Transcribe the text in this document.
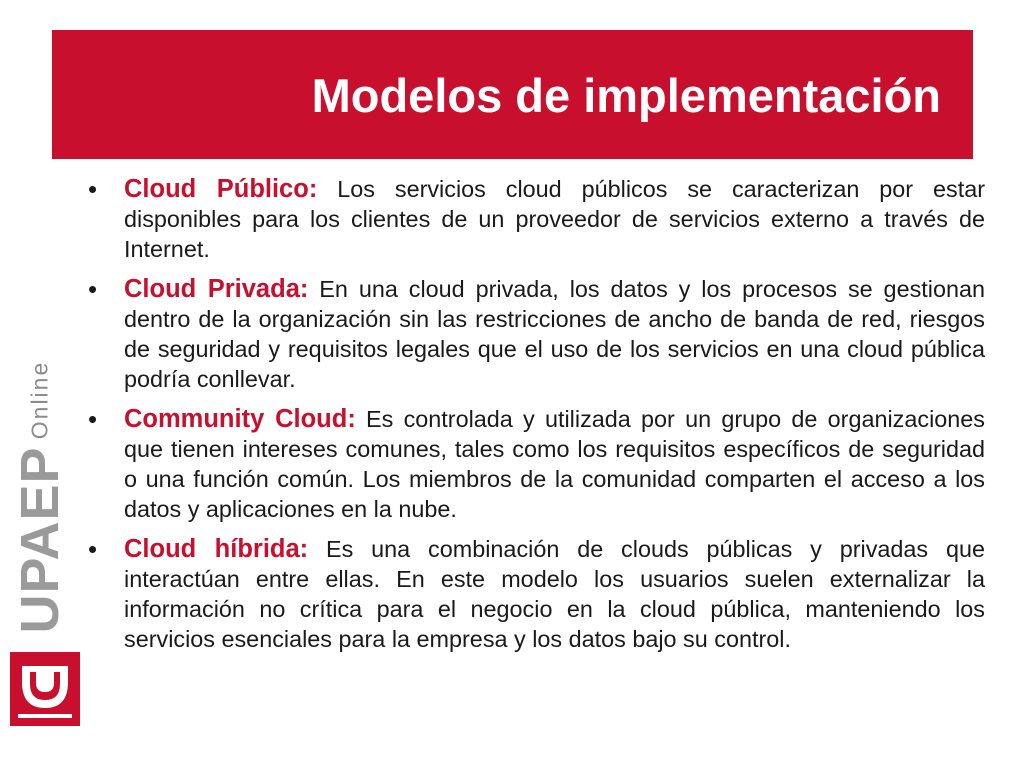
Modelos de implementación
• Cloud Público: Los servicios cloud públicos se caracterizan por estar disponibles para los clientes de un proveedor de servicios externo a través de Internet.
• Cloud Privada: En una cloud privada, los datos y los procesos se gestionan dentro de la organización sin las restricciones de ancho de banda de red, riesgos de seguridad y requisitos legales que el uso de los servicios en una cloud pública podría conllevar.
• Community Cloud: Es controlada y utilizada por un grupo de organizaciones que tienen intereses comunes, tales como los requisitos específicos de seguridad o una función común. Los miembros de la comunidad comparten el acceso a los datos y aplicaciones en la nube.
• Cloud híbrida: Es una combinación de clouds públicas y privadas que interactúan entre ellas. En este modelo los usuarios suelen externalizar la información no crítica para el negocio en la cloud pública, manteniendo los servicios esenciales para la empresa y los datos bajo su control.
Online
UPAEP
